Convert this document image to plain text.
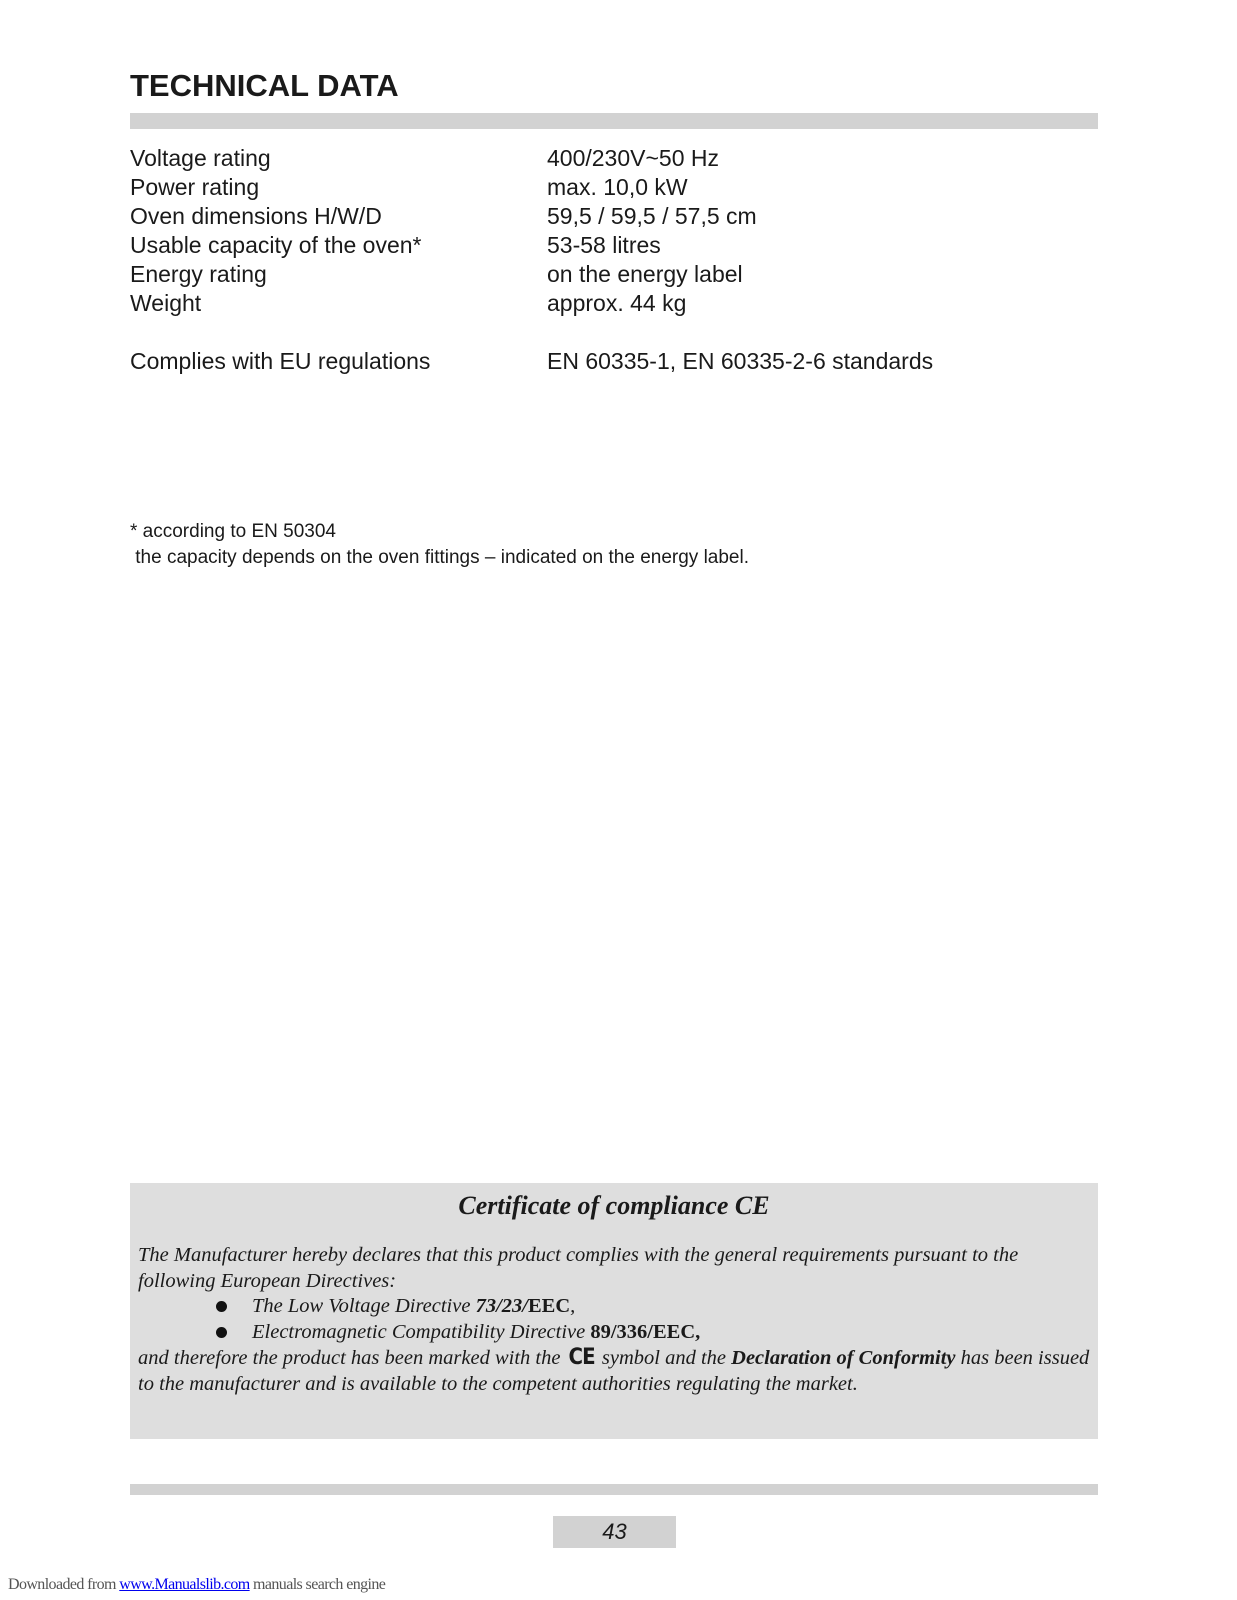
TECHNICAL DATA
Voltage rating	400/230V~50 Hz
Power rating	max. 10,0 kW
Oven dimensions H/W/D	59,5 / 59,5 / 57,5 cm
Usable capacity of the oven*	53-58 litres
Energy rating	on the energy label
Weight	approx. 44 kg
Complies with EU regulations	EN 60335-1, EN 60335-2-6 standards
* according to EN 50304
the capacity depends on the oven fittings – indicated on the energy label.
Certificate of compliance CE
The Manufacturer hereby declares that this product complies with the general requirements pursuant to the following European Directives:
The Low Voltage Directive 73/23/EEC,
Electromagnetic Compatibility Directive 89/336/EEC,
and therefore the product has been marked with the CE symbol and the Declaration of Conformity has been issued to the manufacturer and is available to the competent authorities regulating the market.
43
Downloaded from www.Manualslib.com manuals search engine
